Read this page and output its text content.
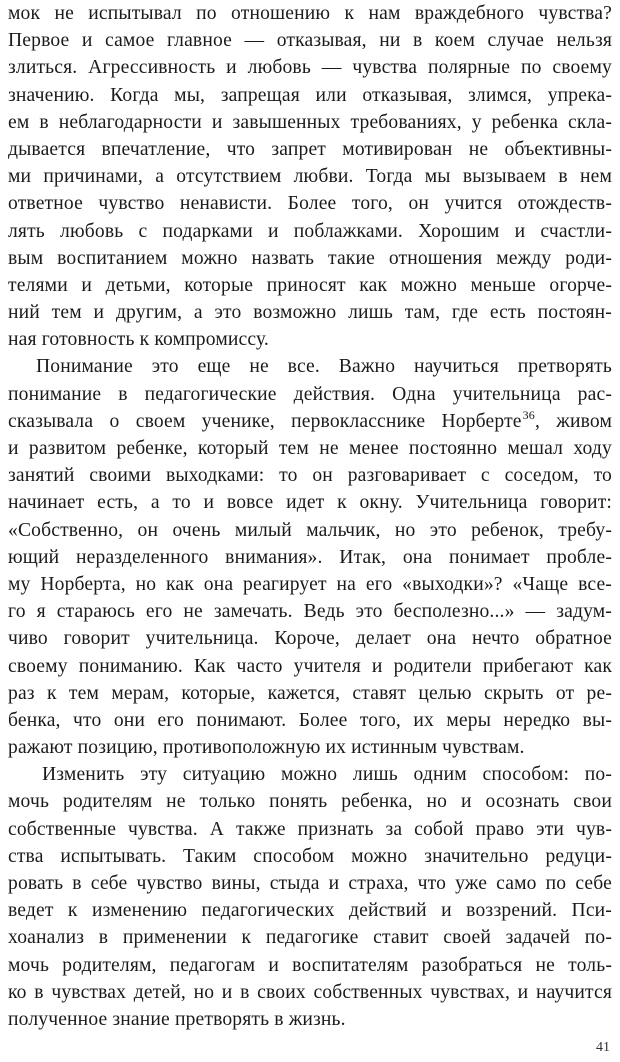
мок не испытывал по отношению к нам враждебного чувства?
Первое и самое главное — отказывая, ни в коем случае нельзя
злиться. Агрессивность и любовь — чувства полярные по своему
значению. Когда мы, запрещая или отказывая, злимся, упрека-
ем в неблагодарности и завышенных требованиях, у ребенка скла-
дывается впечатление, что запрет мотивирован не объективны-
ми причинами, а отсутствием любви. Тогда мы вызываем в нем
ответное чувство ненависти. Более того, он учится отождеств-
лять любовь с подарками и поблажками. Хорошим и счастли-
вым воспитанием можно назвать такие отношения между роди-
телями и детьми, которые приносят как можно меньше огорче-
ний тем и другим, а это возможно лишь там, где есть постоян-
ная готовность к компромиссу.
Понимание это еще не все. Важно научиться претворять
понимание в педагогические действия. Одна учительница рас-
сказывала о своем ученике, первокласснике Норберте$^{36}$, живом
и развитом ребенке, который тем не менее постоянно мешал ходу
занятий своими выходками: то он разговаривает с соседом, то
начинает есть, а то и вовсе идет к окну. Учительница говорит:
«Собственно, он очень милый мальчик, но это ребенок, требу-
ющий неразделенного внимания». Итак, она понимает пробле-
му Норберта, но как она реагирует на его «выходки»? «Чаще все-
го я стараюсь его не замечать. Ведь это бесполезно...» — задум-
чиво говорит учительница. Короче, делает она нечто обратное
своему пониманию. Как часто учителя и родители прибегают как
раз к тем мерам, которые, кажется, ставят целью скрыть от ре-
бенка, что они его понимают. Более того, их меры нередко вы-
ражают позицию, противоположную их истинным чувствам.
Изменить эту ситуацию можно лишь одним способом: по-
мочь родителям не только понять ребенка, но и осознать свои
собственные чувства. А также признать за собой право эти чув-
ства испытывать. Таким способом можно значительно редуци-
ровать в себе чувство вины, стыда и страха, что уже само по себе
ведет к изменению педагогических действий и воззрений. Пси-
хоанализ в применении к педагогике ставит своей задачей по-
мочь родителям, педагогам и воспитателям разобраться не толь-
ко в чувствах детей, но и в своих собственных чувствах, и научится
полученное знание претворять в жизнь.
41
